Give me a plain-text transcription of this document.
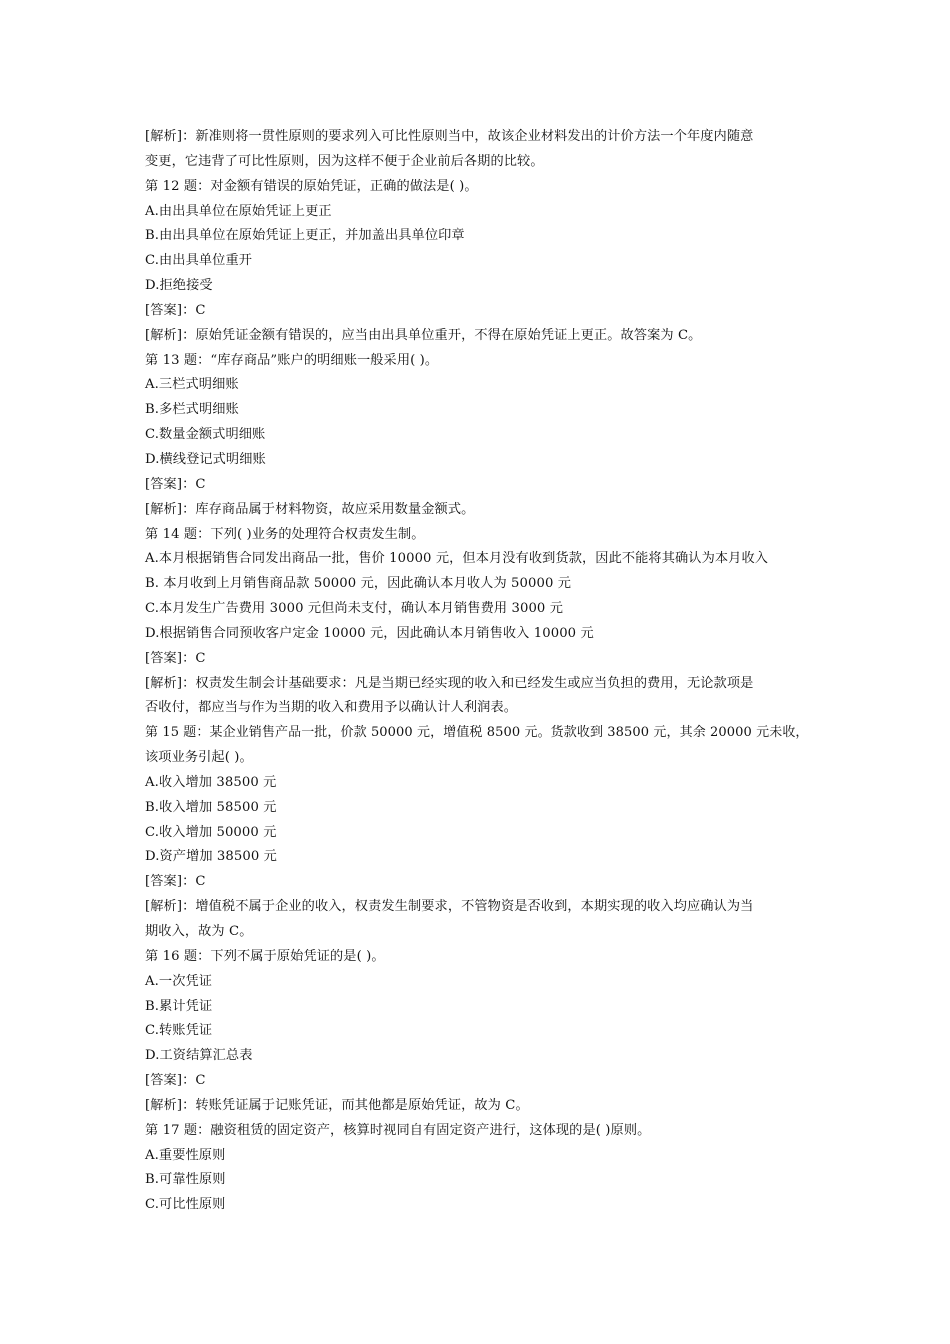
[解析]：新准则将一贯性原则的要求列入可比性原则当中，故该企业材料发出的计价方法一个年度内随意
变更，它违背了可比性原则，因为这样不便于企业前后各期的比较。
第 12 题：对金额有错误的原始凭证，正确的做法是( )。
A.由出具单位在原始凭证上更正
B.由出具单位在原始凭证上更正，并加盖出具单位印章
C.由出具单位重开
D.拒绝接受
[答案]：C
[解析]：原始凭证金额有错误的，应当由出具单位重开，不得在原始凭证上更正。故答案为 C。
第 13 题：“库存商品”账户的明细账一般采用( )。
A.三栏式明细账
B.多栏式明细账
C.数量金额式明细账
D.横线登记式明细账
[答案]：C
[解析]：库存商品属于材料物资，故应采用数量金额式。
第 14 题：下列( )业务的处理符合权责发生制。
A.本月根据销售合同发出商品一批，售价 10000 元，但本月没有收到货款，因此不能将其确认为本月收入
B. 本月收到上月销售商品款 50000 元，因此确认本月收人为 50000 元
C.本月发生广告费用 3000 元但尚未支付，确认本月销售费用 3000 元
D.根据销售合同预收客户定金 10000 元，因此确认本月销售收入 10000 元
[答案]：C
[解析]：权责发生制会计基础要求：凡是当期已经实现的收入和已经发生或应当负担的费用，无论款项是
否收付，都应当与作为当期的收入和费用予以确认计人利润表。
第 15 题：某企业销售产品一批，价款 50000 元，增值税 8500 元。货款收到 38500 元，其余 20000 元未收，
该项业务引起( )。
A.收入增加 38500 元
B.收入增加 58500 元
C.收入增加 50000 元
D.资产增加 38500 元
[答案]：C
[解析]：增值税不属于企业的收入，权责发生制要求，不管物资是否收到，本期实现的收入均应确认为当
期收入，故为 C。
第 16 题：下列不属于原始凭证的是( )。
A.一次凭证
B.累计凭证
C.转账凭证
D.工资结算汇总表
[答案]：C
[解析]：转账凭证属于记账凭证，而其他都是原始凭证，故为 C。
第 17 题：融资租赁的固定资产，核算时视同自有固定资产进行，这体现的是( )原则。
A.重要性原则
B.可靠性原则
C.可比性原则
